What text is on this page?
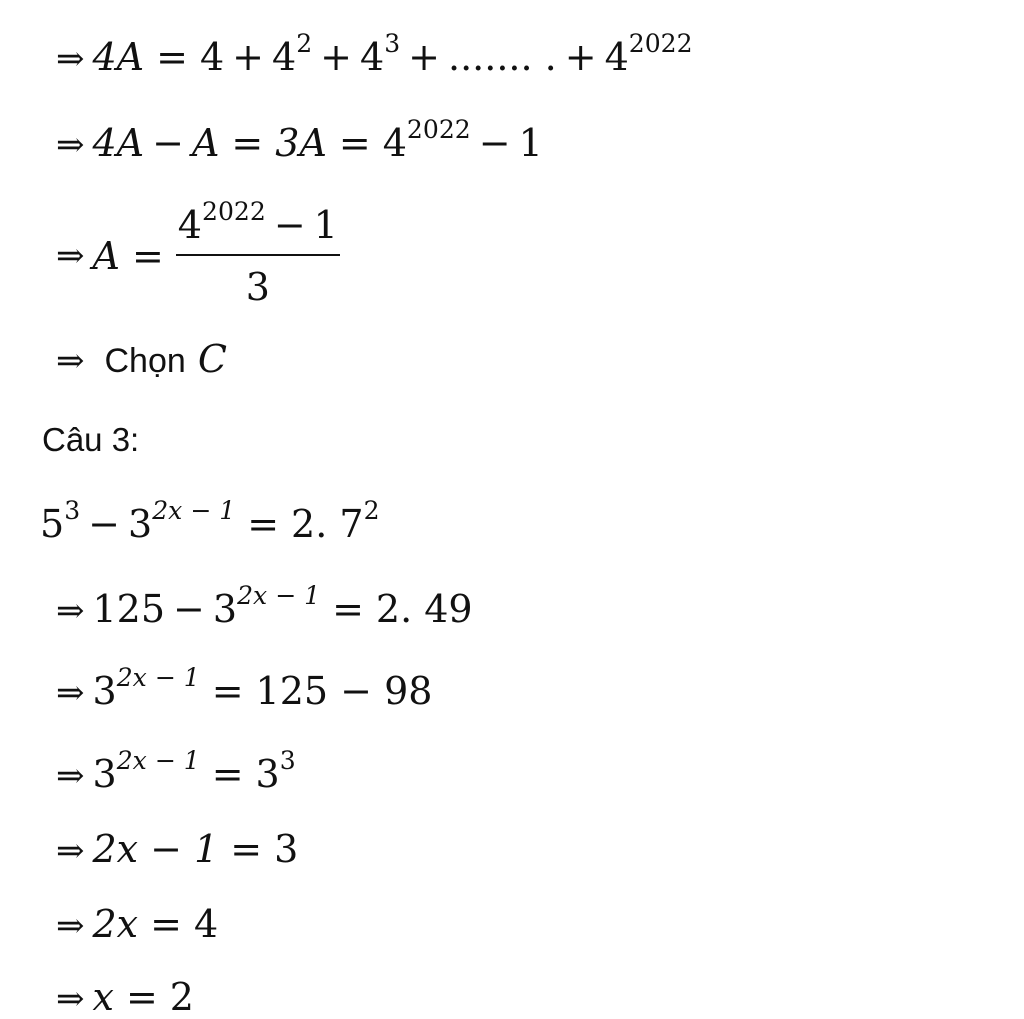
⇒ $4A = 4 + 4^2 + 4^3$ + ....... . + $4^{2022}$
⇒ $4A - A = 3A = 4^{2022} - 1$
⇒ $A = \frac{4^{2022} - 1}{3}$
⇒ Chọn C
Câu 3:
$5^3 - 3^{2x - 1} = 2$. $7^2$
⇒ $125 - 3^{2x - 1} = 2$. 49
⇒ $3^{2x - 1} = 125 - 98$
⇒ $3^{2x - 1} = 3^3$
⇒ 2x − 1 = 3
⇒ 2x = 4
⇒ x = 2
